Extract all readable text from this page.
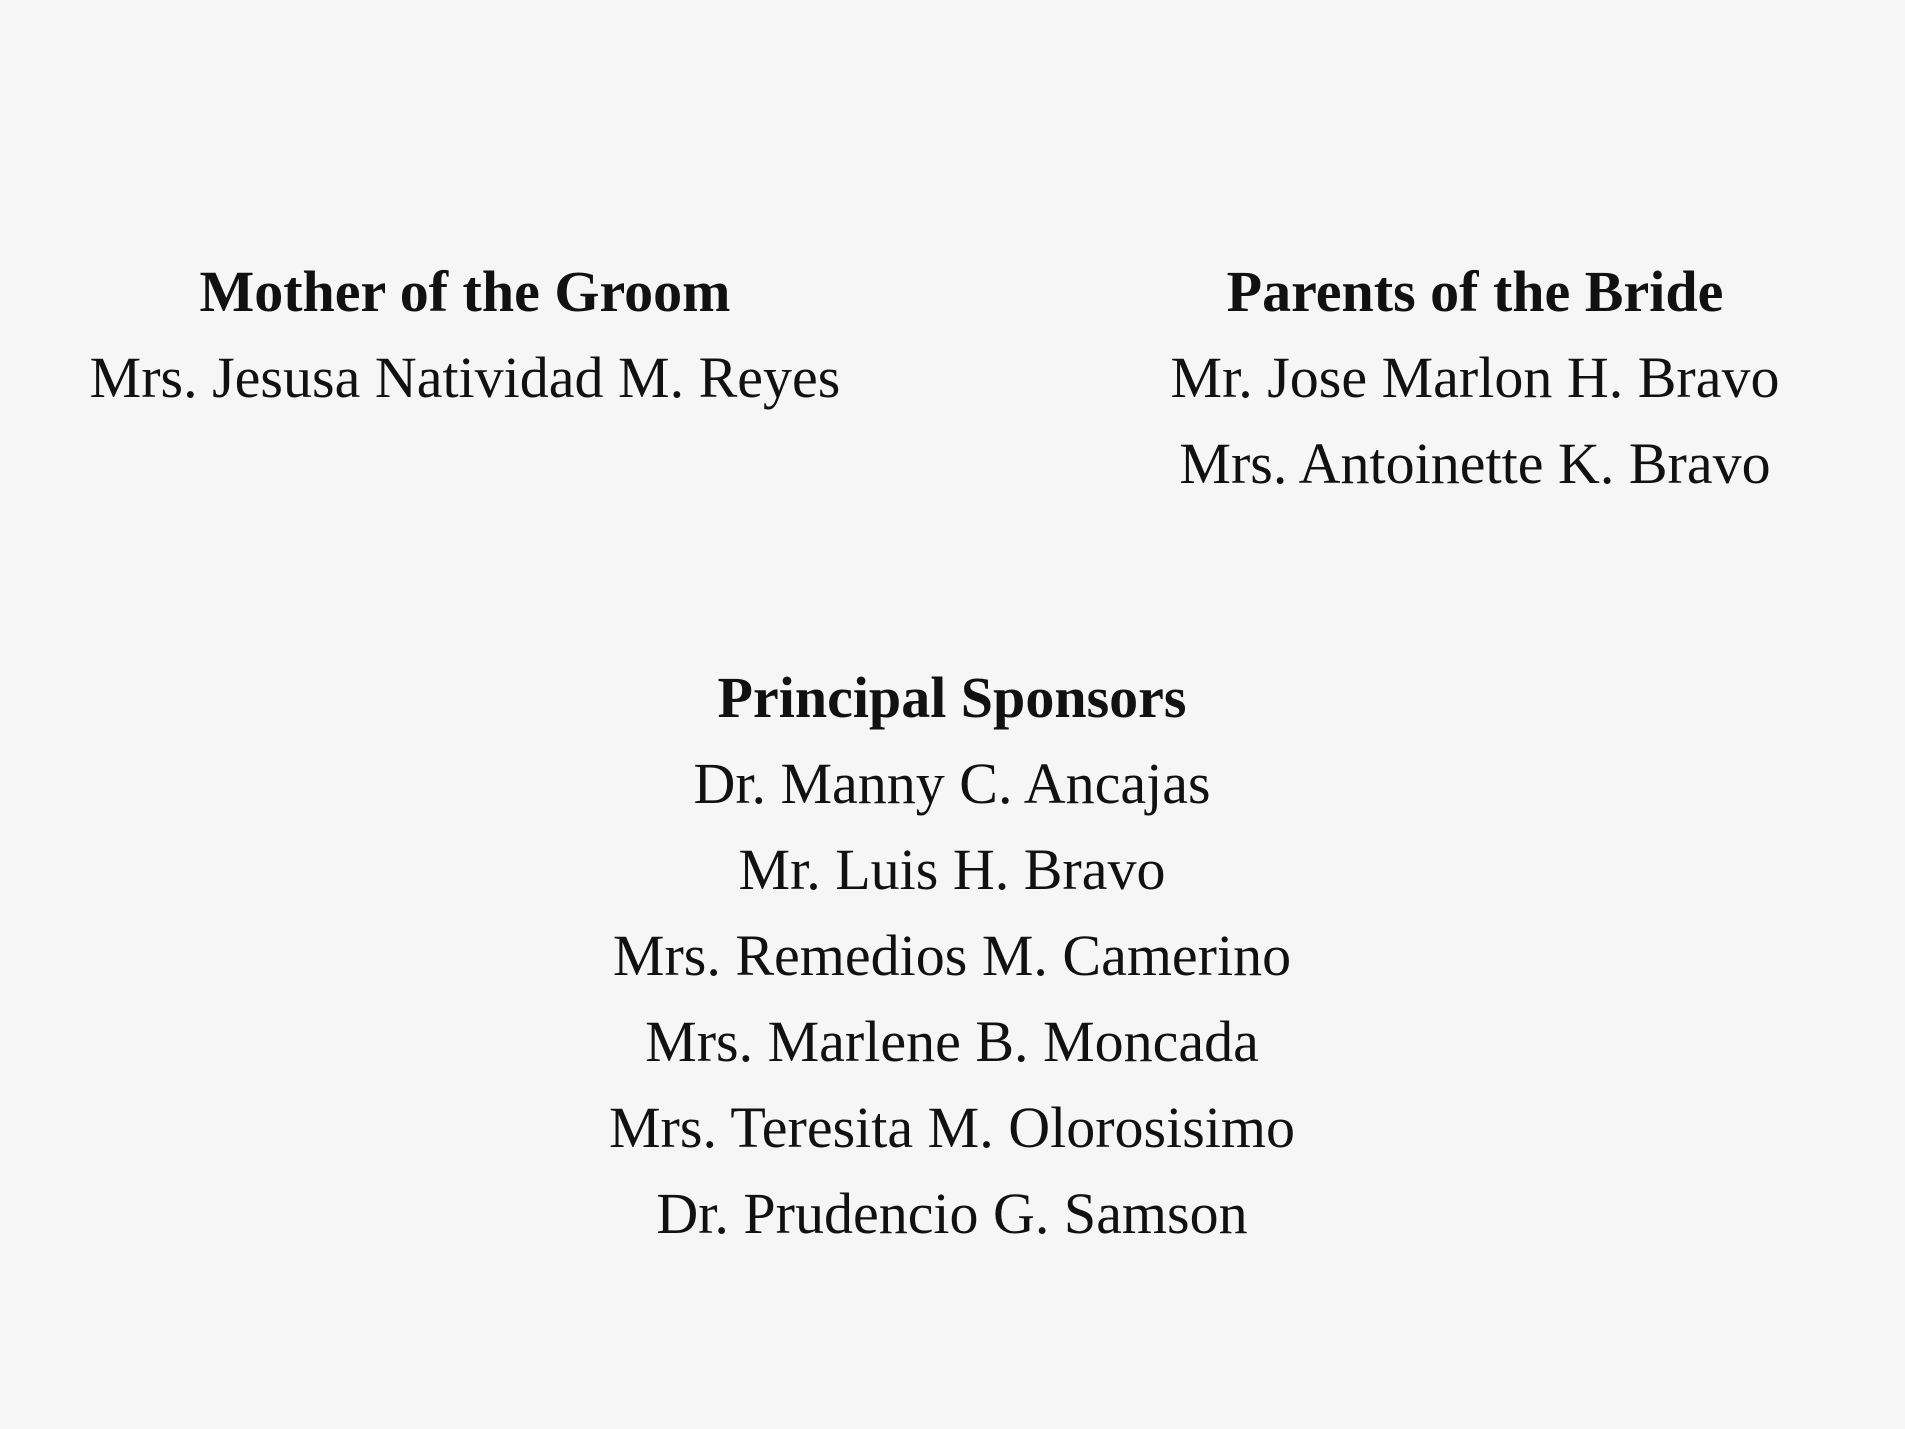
Mother of the Groom
Mrs. Jesusa Natividad M. Reyes
Parents of the Bride
Mr. Jose Marlon H. Bravo
Mrs. Antoinette K. Bravo
Principal Sponsors
Dr. Manny C. Ancajas
Mr. Luis H. Bravo
Mrs. Remedios M. Camerino
Mrs. Marlene B. Moncada
Mrs. Teresita M. Olorosisimo
Dr. Prudencio G. Samson
